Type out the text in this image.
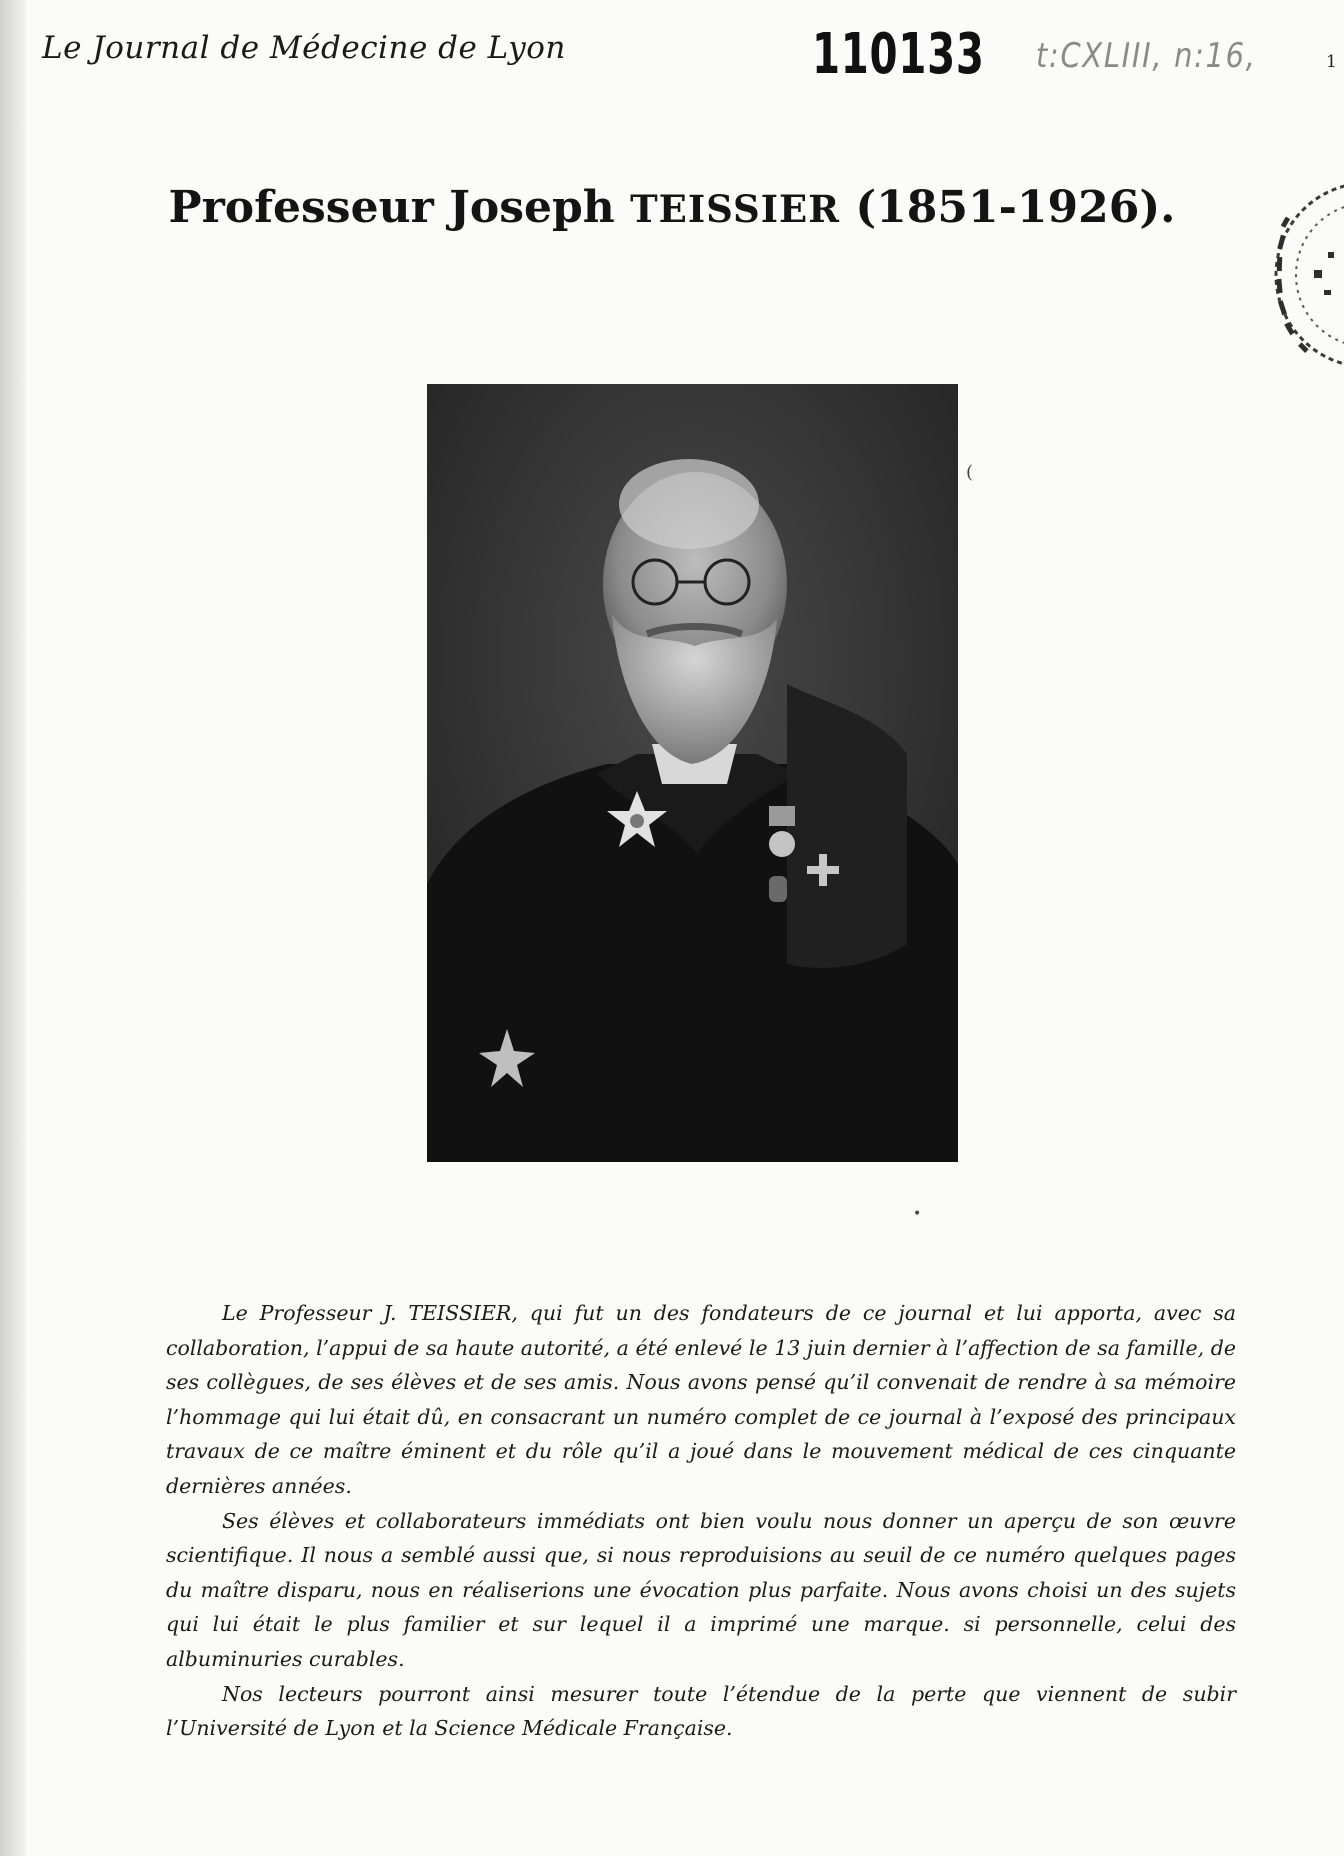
Le Journal de Médecine de Lyon	110133 t:CXLIII, n:16,	1
Professeur Joseph TEISSIER (1851-1926).
(
•

Le Professeur J. TEISSIER, qui fut un des fondateurs de ce journal et lui apporta, avec sa collaboration, l’appui de sa haute autorité, a été enlevé le 13 juin dernier à l’affection de sa famille, de ses collègues, de ses élèves et de ses amis. Nous avons pensé qu’il convenait de rendre à sa mémoire l’hommage qui lui était dû, en consacrant un numéro complet de ce journal à l’exposé des principaux travaux de ce maître éminent et du rôle qu’il a joué dans le mouvement médical de ces cinquante dernières années.

Ses élèves et collaborateurs immédiats ont bien voulu nous donner un aperçu de son œuvre scientifique. Il nous a semblé aussi que, si nous reproduisions au seuil de ce numéro quelques pages du maître disparu, nous en réaliserions une évocation plus parfaite. Nous avons choisi un des sujets qui lui était le plus familier et sur lequel il a imprimé une marque. si personnelle, celui des albuminuries curables.

Nos lecteurs pourront ainsi mesurer toute l’étendue de la perte que viennent de subir l’Université de Lyon et la Science Médicale Française.
